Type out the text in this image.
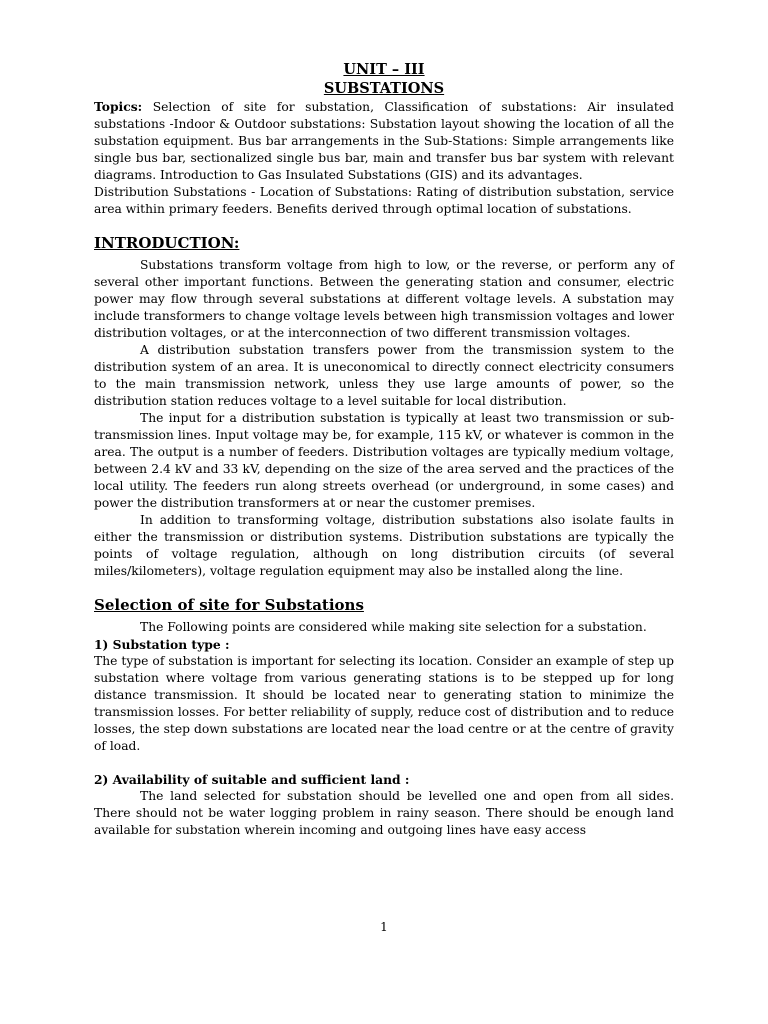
UNIT – III
SUBSTATIONS

Topics: Selection of site for substation, Classification of substations: Air insulated substations -Indoor & Outdoor substations: Substation layout showing the location of all the substation equipment. Bus bar arrangements in the Sub-Stations: Simple arrangements like single bus bar, sectionalized single bus bar, main and transfer bus bar system with relevant diagrams. Introduction to Gas Insulated Substations (GIS) and its advantages.

Distribution Substations - Location of Substations: Rating of distribution substation, service area within primary feeders. Benefits derived through optimal location of substations.

INTRODUCTION:

Substations transform voltage from high to low, or the reverse, or perform any of several other important functions. Between the generating station and consumer, electric power may flow through several substations at different voltage levels. A substation may include transformers to change voltage levels between high transmission voltages and lower distribution voltages, or at the interconnection of two different transmission voltages.

A distribution substation transfers power from the transmission system to the distribution system of an area. It is uneconomical to directly connect electricity consumers to the main transmission network, unless they use large amounts of power, so the distribution station reduces voltage to a level suitable for local distribution.

The input for a distribution substation is typically at least two transmission or sub-transmission lines. Input voltage may be, for example, 115 kV, or whatever is common in the area. The output is a number of feeders. Distribution voltages are typically medium voltage, between 2.4 kV and 33 kV, depending on the size of the area served and the practices of the local utility. The feeders run along streets overhead (or underground, in some cases) and power the distribution transformers at or near the customer premises.

In addition to transforming voltage, distribution substations also isolate faults in either the transmission or distribution systems. Distribution substations are typically the points of voltage regulation, although on long distribution circuits (of several miles/kilometers), voltage regulation equipment may also be installed along the line.

Selection of site for Substations

The Following points are considered while making site selection for a substation.

1) Substation type :

The type of substation is important for selecting its location. Consider an example of step up substation where voltage from various generating stations is to be stepped up for long distance transmission. It should be located near to generating station to minimize the transmission losses. For better reliability of supply, reduce cost of distribution and to reduce losses, the step down substations are located near the load centre or at the centre of gravity of load.

2) Availability of suitable and sufficient land :

The land selected for substation should be levelled one and open from all sides. There should not be water logging problem in rainy season. There should be enough land available for substation wherein incoming and outgoing lines have easy access

1
